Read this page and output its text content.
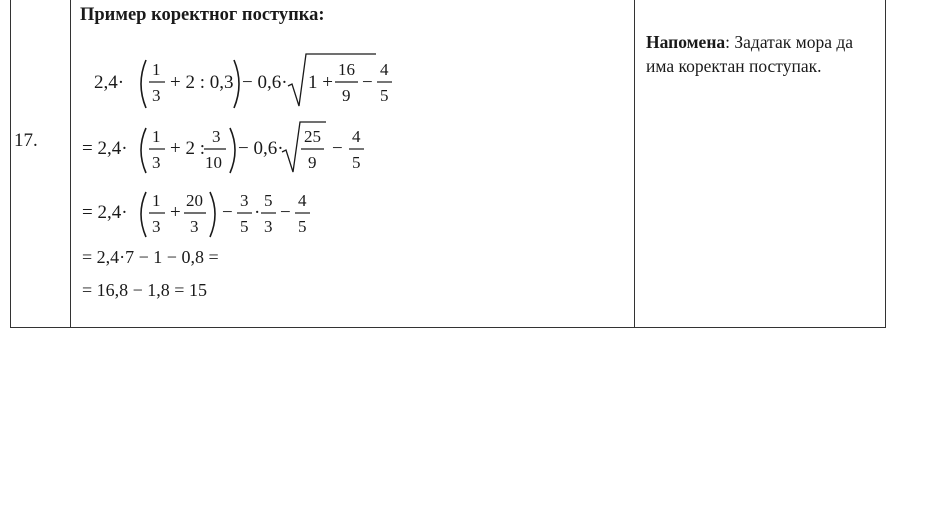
17.
Пример коректног поступка:
Напомена: Задатак мора да има коректан поступак.
2,4·
1
3
+ 2 : 0,3 − 0,6· 1 +
16
9
−
4
5
= 2,4·
1
3
+ 2 :
3
10
− 0,6·
25
9
−
4
5
= 2,4·
1
3
+
20
3
−
3
5
·
5
3
−
4
5
= 2,4·7 − 1 − 0,8 =
= 16,8 − 1,8 = 15
